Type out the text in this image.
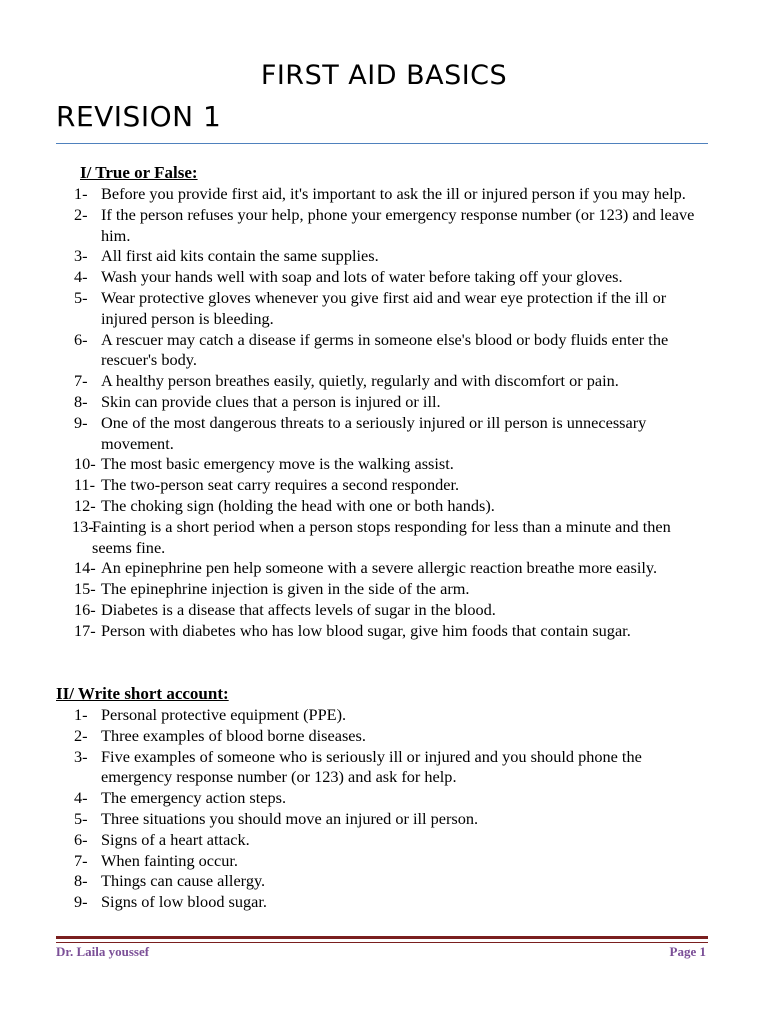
FIRST AID BASICS
REVISION 1
I/ True or False:
1- Before you provide first aid, it's important to ask the ill or injured person if you may help.
2- If the person refuses your help, phone your emergency response number (or 123) and leave him.
3- All first aid kits contain the same supplies.
4- Wash your hands well with soap and lots of water before taking off your gloves.
5- Wear protective gloves whenever you give first aid and wear eye protection if the ill or injured person is bleeding.
6- A rescuer may catch a disease if germs in someone else's blood or body fluids enter the rescuer's body.
7- A healthy person breathes easily, quietly, regularly and with discomfort or pain.
8- Skin can provide clues that a person is injured or ill.
9- One of the most dangerous threats to a seriously injured or ill person is unnecessary movement.
10- The most basic emergency move is the walking assist.
11- The two-person seat carry requires a second responder.
12- The choking sign (holding the head with one or both hands).
13-
Fainting is a short period when a person stops responding for less than a minute and then seems fine.
14- An epinephrine pen help someone with a severe allergic reaction breathe more easily.
15- The epinephrine injection is given in the side of the arm.
16- Diabetes is a disease that affects levels of sugar in the blood.
17- Person with diabetes who has low blood sugar, give him foods that contain sugar.
II/ Write short account:
1- Personal protective equipment (PPE).
2- Three examples of blood borne diseases.
3- Five examples of someone who is seriously ill or injured and you should phone the emergency response number (or 123) and ask for help.
4- The emergency action steps.
5- Three situations you should move an injured or ill person.
6- Signs of a heart attack.
7- When fainting occur.
8- Things can cause allergy.
9- Signs of low blood sugar.
Dr. Laila youssef	Page 1
